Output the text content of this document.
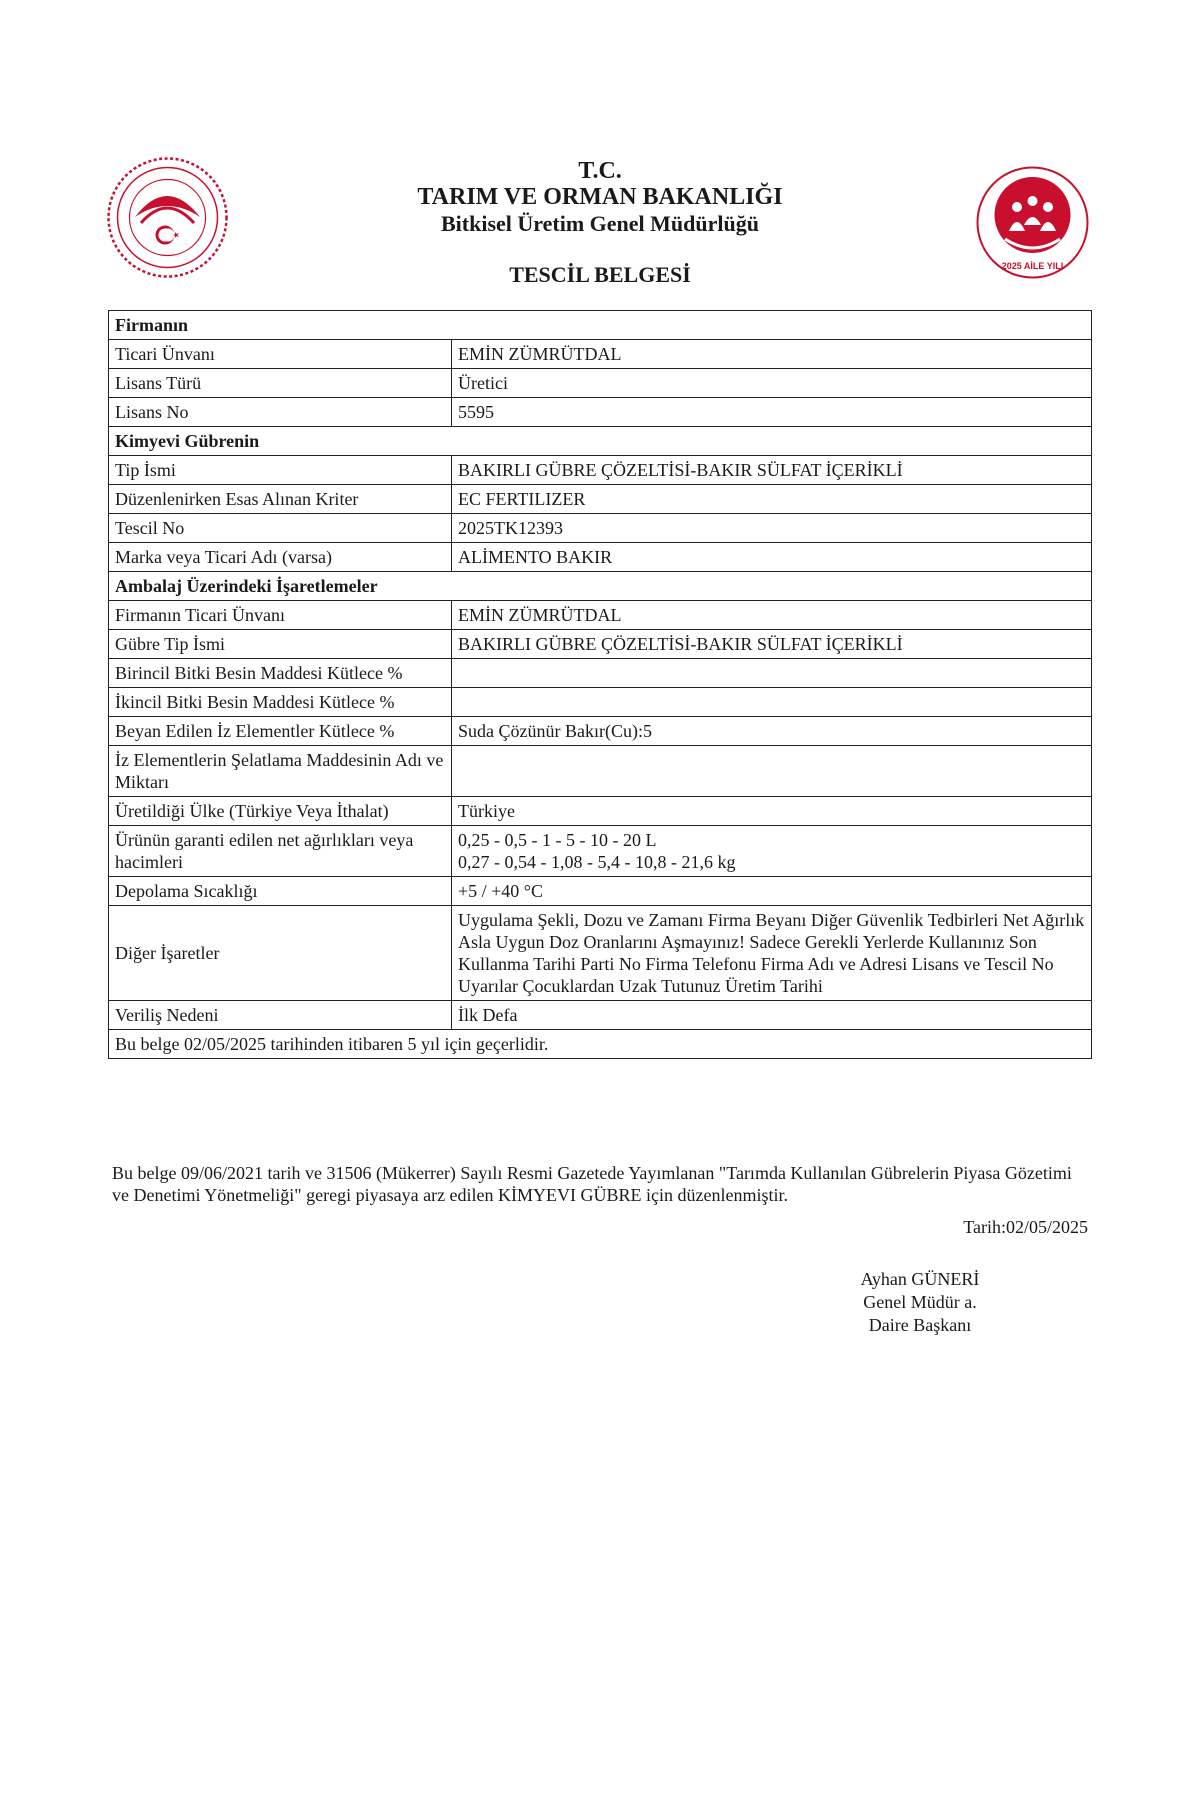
2025 AİLE YILI
T.C.
TARIM VE ORMAN BAKANLIĞI
Bitkisel Üretim Genel Müdürlüğü
TESCİL BELGESİ
Firmanın	
Ticari Ünvanı	EMİN ZÜMRÜTDAL
Lisans Türü	Üretici
Lisans No	5595
Kimyevi Gübrenin	
Tip İsmi	BAKIRLI GÜBRE ÇÖZELTİSİ-BAKIR SÜLFAT İÇERİKLİ
Düzenlenirken Esas Alınan Kriter	EC FERTILIZER
Tescil No	2025TK12393
Marka veya Ticari Adı (varsa)	ALİMENTO BAKIR
Ambalaj Üzerindeki İşaretlemeler	
Firmanın Ticari Ünvanı	EMİN ZÜMRÜTDAL
Gübre Tip İsmi	BAKIRLI GÜBRE ÇÖZELTİSİ-BAKIR SÜLFAT İÇERİKLİ
Birincil Bitki Besin Maddesi Kütlece %	
İkincil Bitki Besin Maddesi Kütlece %	
Beyan Edilen İz Elementler Kütlece %	Suda Çözünür Bakır(Cu):5
İz Elementlerin Şelatlama Maddesinin Adı ve Miktarı	
Üretildiği Ülke (Türkiye Veya İthalat)	Türkiye
Ürünün garanti edilen net ağırlıkları veya hacimleri	0,25 - 0,5 - 1 - 5 - 10 - 20 L
0,27 - 0,54 - 1,08 - 5,4 - 10,8 - 21,6 kg

Depolama Sıcaklığı	+5 / +40 °C
Diğer İşaretler	Uygulama Şekli, Dozu ve Zamanı Firma Beyanı Diğer Güvenlik Tedbirleri Net Ağırlık Asla Uygun Doz Oranlarını Aşmayınız! Sadece Gerekli Yerlerde Kullanınız Son Kullanma Tarihi Parti No Firma Telefonu Firma Adı ve Adresi Lisans ve Tescil No Uyarılar Çocuklardan Uzak Tutunuz Üretim Tarihi
Veriliş Nedeni	İlk Defa
Bu belge 02/05/2025 tarihinden itibaren 5 yıl için geçerlidir.	
Bu belge 09/06/2021 tarih ve 31506 (Mükerrer) Sayılı Resmi Gazetede Yayımlanan "Tarımda Kullanılan Gübrelerin Piyasa Gözetimi ve Denetimi Yönetmeliği" geregi piyasaya arz edilen KİMYEVI GÜBRE için düzenlenmiştir.
Tarih:02/05/2025
Ayhan GÜNERİ
Genel Müdür a.
Daire Başkanı
